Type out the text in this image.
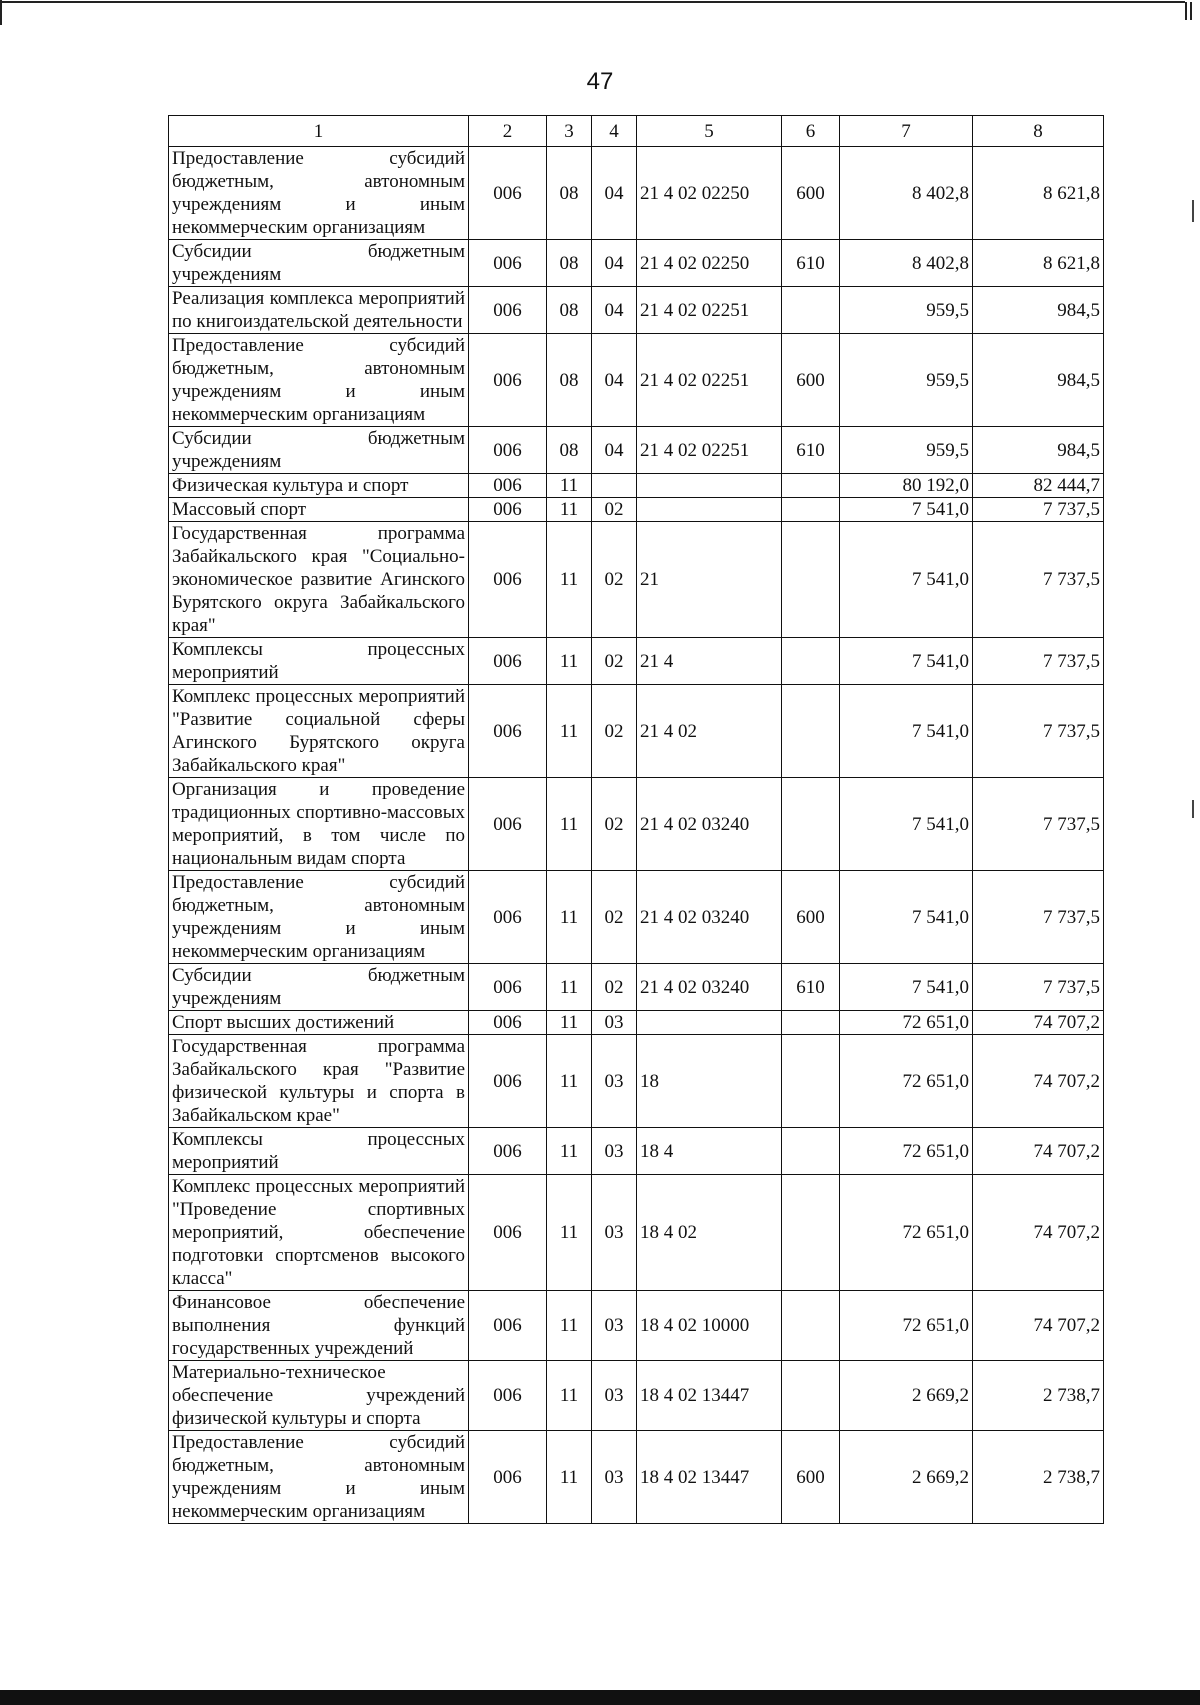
47
1	2	3	4	5	6	7	8
Предоставление субсидий бюджетным, автономным учреждениям и иным некоммерческим организациям	006	08	04	21 4 02 02250	600	8 402,8	8 621,8
Субсидии бюджетным учреждениям	006	08	04	21 4 02 02250	610	8 402,8	8 621,8
Реализация комплекса мероприятий по книгоиздательской деятельности	006	08	04	21 4 02 02251		959,5	984,5
Предоставление субсидий бюджетным, автономным учреждениям и иным некоммерческим организациям	006	08	04	21 4 02 02251	600	959,5	984,5
Субсидии бюджетным учреждениям	006	08	04	21 4 02 02251	610	959,5	984,5
Физическая культура и спорт	006	11				80 192,0	82 444,7
Массовый спорт	006	11	02			7 541,0	7 737,5
Государственная программа Забайкальского края "Социально-экономическое развитие Агинского Бурятского округа Забайкальского края"	006	11	02	21		7 541,0	7 737,5
Комплексы процессных мероприятий	006	11	02	21 4		7 541,0	7 737,5
Комплекс процессных мероприятий "Развитие социальной сферы Агинского Бурятского округа Забайкальского края"	006	11	02	21 4 02		7 541,0	7 737,5
Организация и проведение традиционных спортивно-массовых мероприятий, в том числе по национальным видам спорта	006	11	02	21 4 02 03240		7 541,0	7 737,5
Предоставление субсидий бюджетным, автономным учреждениям и иным некоммерческим организациям	006	11	02	21 4 02 03240	600	7 541,0	7 737,5
Субсидии бюджетным учреждениям	006	11	02	21 4 02 03240	610	7 541,0	7 737,5
Спорт высших достижений	006	11	03			72 651,0	74 707,2
Государственная программа Забайкальского края "Развитие физической культуры и спорта в Забайкальском крае"	006	11	03	18		72 651,0	74 707,2
Комплексы процессных мероприятий	006	11	03	18 4		72 651,0	74 707,2
Комплекс процессных мероприятий "Проведение спортивных мероприятий, обеспечение подготовки спортсменов высокого класса"	006	11	03	18 4 02		72 651,0	74 707,2
Финансовое обеспечение выполнения функций государственных учреждений	006	11	03	18 4 02 10000		72 651,0	74 707,2
Материально-техническое обеспечение учреждений физической культуры и спорта	006	11	03	18 4 02 13447		2 669,2	2 738,7
Предоставление субсидий бюджетным, автономным учреждениям и иным некоммерческим организациям	006	11	03	18 4 02 13447	600	2 669,2	2 738,7
